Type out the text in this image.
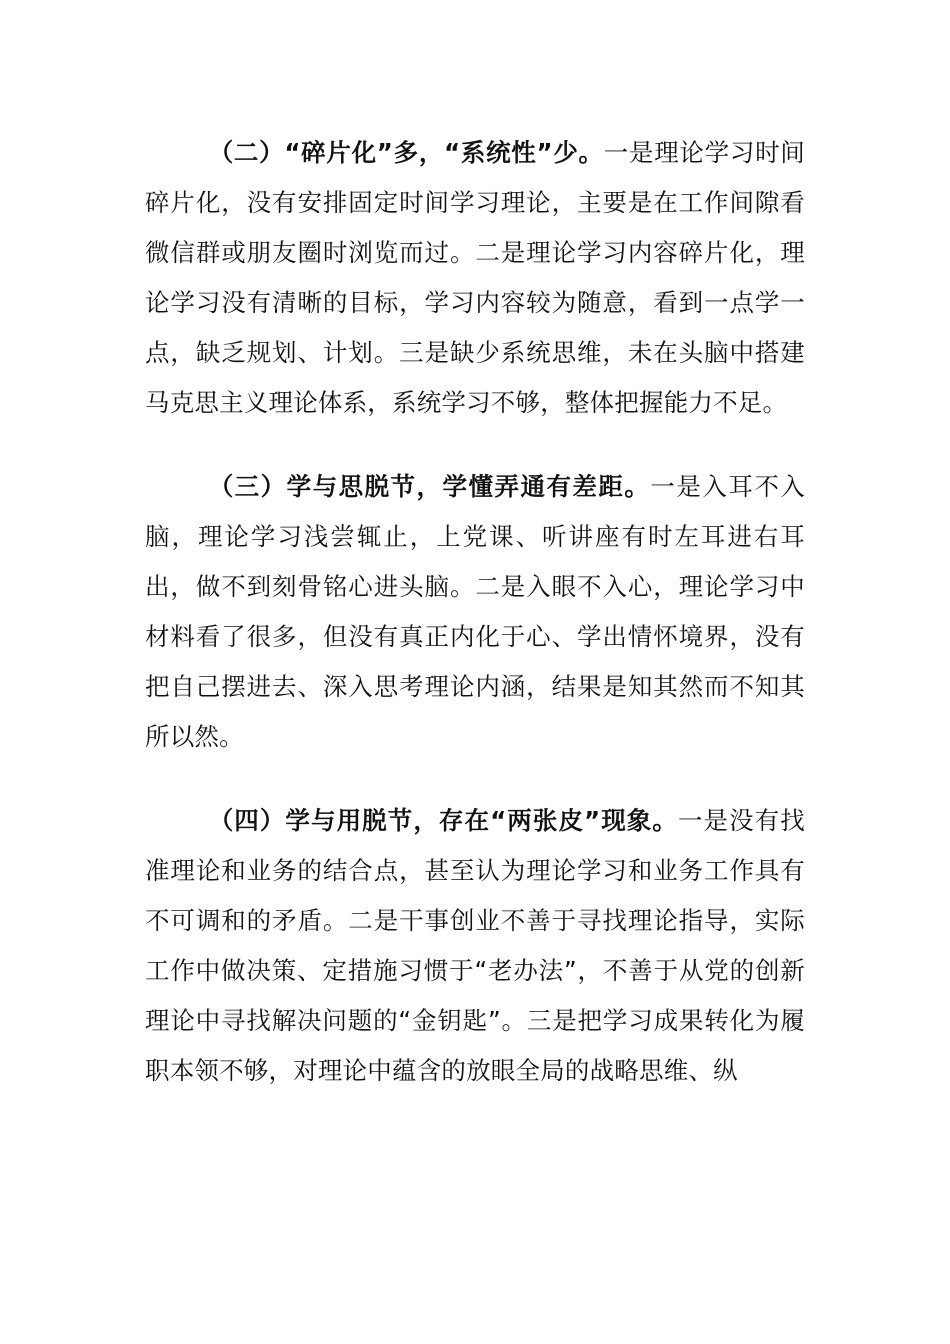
（二）“碎片化”多，“系统性”少。一是理论学习时间碎片化，没有安排固定时间学习理论，主要是在工作间隙看微信群或朋友圈时浏览而过。二是理论学习内容碎片化，理论学习没有清晰的目标，学习内容较为随意，看到一点学一点，缺乏规划、计划。三是缺少系统思维，未在头脑中搭建马克思主义理论体系，系统学习不够，整体把握能力不足。

（三）学与思脱节，学懂弄通有差距。一是入耳不入脑，理论学习浅尝辄止，上党课、听讲座有时左耳进右耳出，做不到刻骨铭心进头脑。二是入眼不入心，理论学习中材料看了很多，但没有真正内化于心、学出情怀境界，没有把自己摆进去、深入思考理论内涵，结果是知其然而不知其所以然。

（四）学与用脱节，存在“两张皮”现象。一是没有找准理论和业务的结合点，甚至认为理论学习和业务工作具有不可调和的矛盾。二是干事创业不善于寻找理论指导，实际工作中做决策、定措施习惯于“老办法”，不善于从党的创新理论中寻找解决问题的“金钥匙”。三是把学习成果转化为履职本领不够，对理论中蕴含的放眼全局的战略思维、纵
